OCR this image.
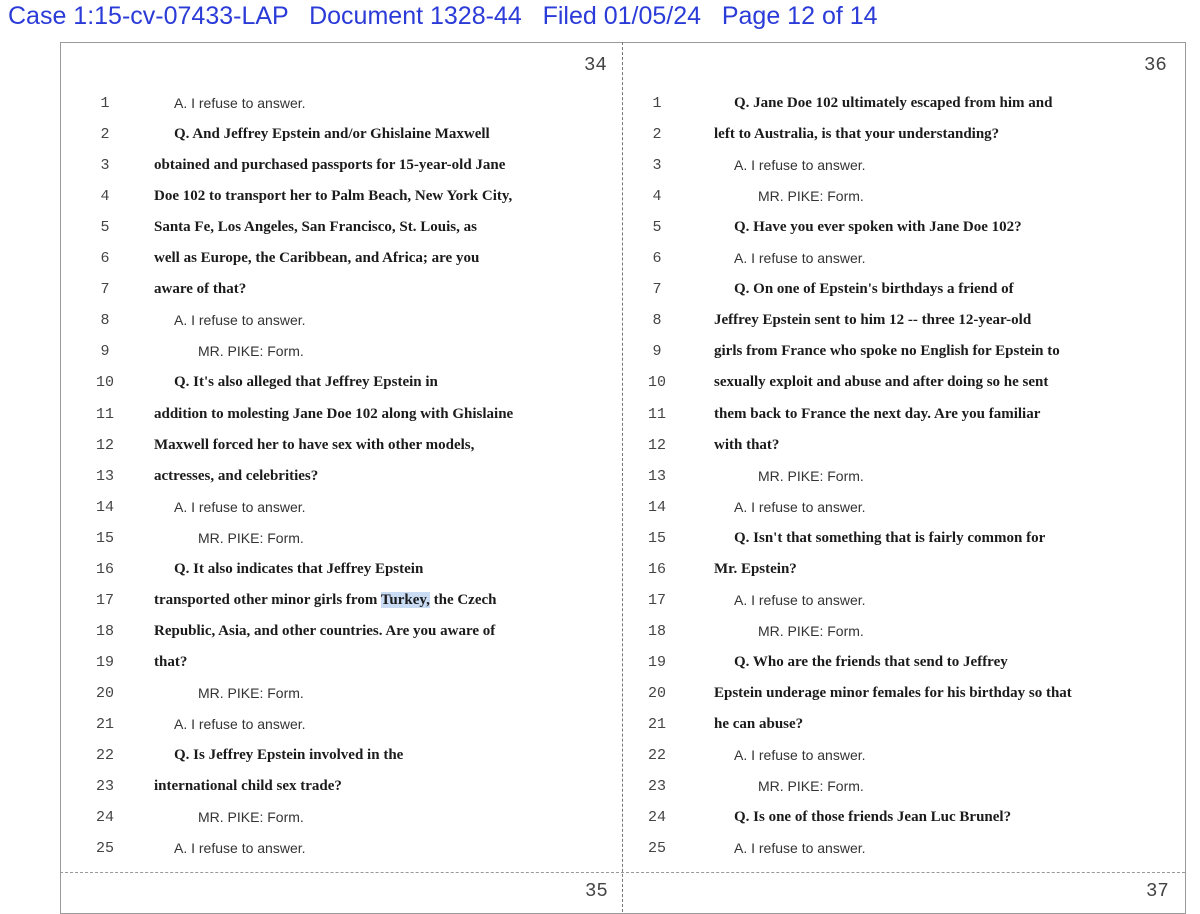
Case 1:15-cv-07433-LAP   Document 1328-44   Filed 01/05/24   Page 12 of 14
34	36
35	37
1	A. I refuse to answer.
2	Q. And Jeffrey Epstein and/or Ghislaine Maxwell
3	obtained and purchased passports for 15-year-old Jane
4	Doe 102 to transport her to Palm Beach, New York City,
5	Santa Fe, Los Angeles, San Francisco, St. Louis, as
6	well as Europe, the Caribbean, and Africa; are you
7	aware of that?
8	A. I refuse to answer.
9	MR. PIKE: Form.
10	Q. It's also alleged that Jeffrey Epstein in
11	addition to molesting Jane Doe 102 along with Ghislaine
12	Maxwell forced her to have sex with other models,
13	actresses, and celebrities?
14	A. I refuse to answer.
15	MR. PIKE: Form.
16	Q. It also indicates that Jeffrey Epstein
17	transported other minor girls from Turkey, the Czech
18	Republic, Asia, and other countries. Are you aware of
19	that?
20	MR. PIKE: Form.
21	A. I refuse to answer.
22	Q. Is Jeffrey Epstein involved in the
23	international child sex trade?
24	MR. PIKE: Form.
25	A. I refuse to answer.
1	Q. Jane Doe 102 ultimately escaped from him and
2	left to Australia, is that your understanding?
3	A. I refuse to answer.
4	MR. PIKE: Form.
5	Q. Have you ever spoken with Jane Doe 102?
6	A. I refuse to answer.
7	Q. On one of Epstein's birthdays a friend of
8	Jeffrey Epstein sent to him 12 -- three 12-year-old
9	girls from France who spoke no English for Epstein to
10	sexually exploit and abuse and after doing so he sent
11	them back to France the next day. Are you familiar
12	with that?
13	MR. PIKE: Form.
14	A. I refuse to answer.
15	Q. Isn't that something that is fairly common for
16	Mr. Epstein?
17	A. I refuse to answer.
18	MR. PIKE: Form.
19	Q. Who are the friends that send to Jeffrey
20	Epstein underage minor females for his birthday so that
21	he can abuse?
22	A. I refuse to answer.
23	MR. PIKE: Form.
24	Q. Is one of those friends Jean Luc Brunel?
25	A. I refuse to answer.
